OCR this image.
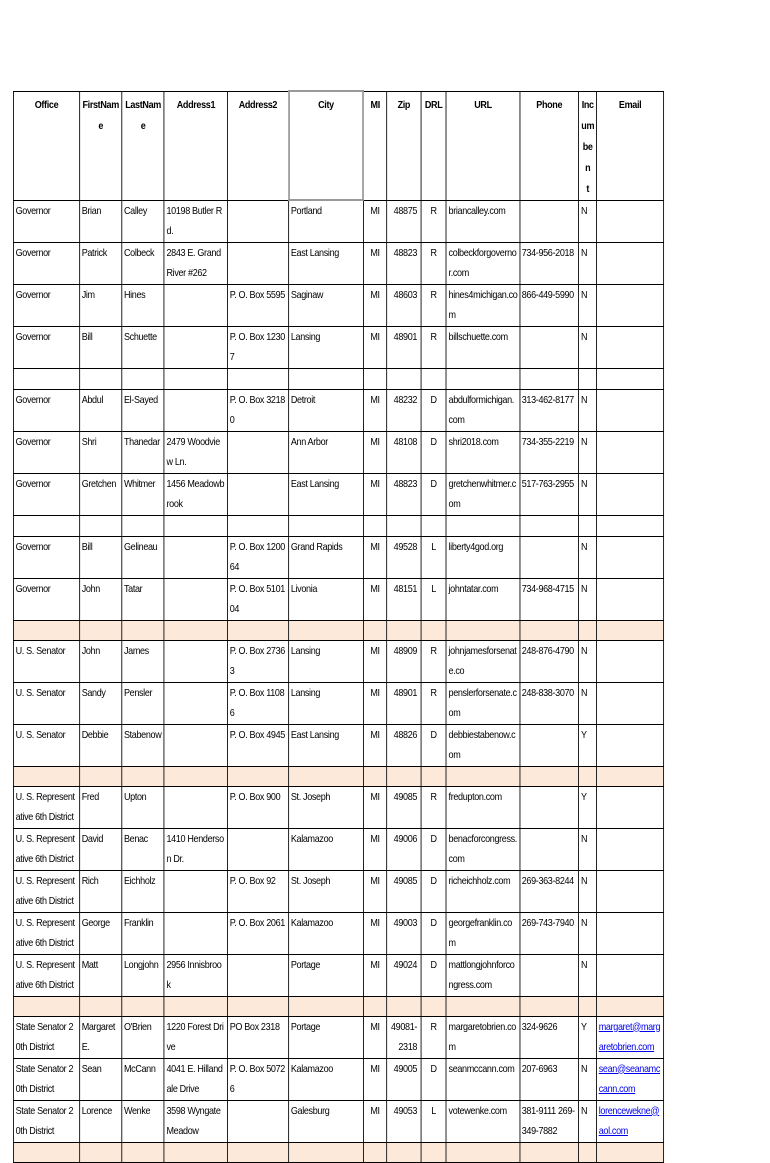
Office	FirstName	LastName	Address1	Address2	City	MI	Zip	DRL	URL	Phone	Inc
um
ben
t	Email
Governor	Brian	Calley	10198 Butler Rd.		Portland	MI	48875	R	briancalley.com		N	
Governor	Patrick	Colbeck	2843 E. Grand River #262		East Lansing	MI	48823	R	colbeckforgovernor.com	734-956-2018	N	
Governor	Jim	Hines		P. O. Box 5595	Saginaw	MI	48603	R	hines4michigan.com	866-449-5990	N	
Governor	Bill	Schuette		P. O. Box 12307	Lansing	MI	48901	R	billschuette.com		N	

Governor	Abdul	El-Sayed		P. O. Box 32180	Detroit	MI	48232	D	abdulformichigan.com	313-462-8177	N	
Governor	Shri	Thanedar	2479 Woodview Ln.		Ann Arbor	MI	48108	D	shri2018.com	734-355-2219	N	
Governor	Gretchen	Whitmer	1456 Meadowbrook		East Lansing	MI	48823	D	gretchenwhitmer.com	517-763-2955	N	

Governor	Bill	Gelineau		P. O. Box 120064	Grand Rapids	MI	49528	L	liberty4god.org		N	
Governor	John	Tatar		P. O. Box 510104	Livonia	MI	48151	L	johntatar.com	734-968-4715	N	

U. S. Senator	John	James		P. O. Box 27363	Lansing	MI	48909	R	johnjamesforsenate.co	248-876-4790	N	
U. S. Senator	Sandy	Pensler		P. O. Box 11086	Lansing	MI	48901	R	penslerforsenate.com	248-838-3070	N	
U. S. Senator	Debbie	Stabenow		P. O. Box 4945	East Lansing	MI	48826	D	debbiestabenow.com		Y	

U. S. Representative 6th District	Fred	Upton		P. O. Box 900	St. Joseph	MI	49085	R	fredupton.com		Y	
U. S. Representative 6th District	David	Benac	1410 Henderson Dr.		Kalamazoo	MI	49006	D	benacforcongress.com		N	
U. S. Representative 6th District	Rich	Eichholz		P. O. Box 92	St. Joseph	MI	49085	D	richeichholz.com	269-363-8244	N	
U. S. Representative 6th District	George	Franklin		P. O. Box 2061	Kalamazoo	MI	49003	D	georgefranklin.com	269-743-7940	N	
U. S. Representative 6th District	Matt	Longjohn	2956 Innisbrook		Portage	MI	49024	D	mattlongjohnforcongress.com		N	

State Senator 20th District	Margaret E.	O'Brien	1220 Forest Drive	PO Box 2318	Portage	MI	49081-2318	R	margaretobrien.com	324-9626	Y	margaret@margaretobrien.com
State Senator 20th District	Sean	McCann	4041 E. Hillandale Drive	P. O. Box 50726	Kalamazoo	MI	49005	D	seanmccann.com	207-6963	N	sean@seanamccann.com
State Senator 20th District	Lorence	Wenke	3598 Wyngate Meadow		Galesburg	MI	49053	L	votewenke.com	381-9111 269-349-7882	N	lorencewekne@aol.com
